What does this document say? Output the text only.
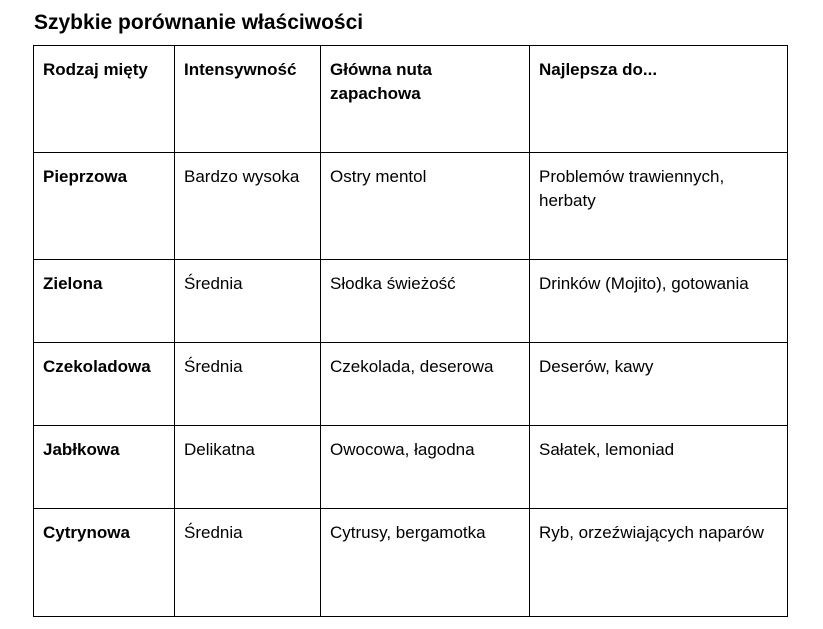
Szybkie porównanie właściwości
Rodzaj mięty	Intensywność	Główna nuta zapachowa	Najlepsza do...
Pieprzowa	Bardzo wysoka	Ostry mentol	Problemów trawiennych, herbaty
Zielona	Średnia	Słodka świeżość	Drinków (Mojito), gotowania
Czekoladowa	Średnia	Czekolada, deserowa	Deserów, kawy
Jabłkowa	Delikatna	Owocowa, łagodna	Sałatek, lemoniad
Cytrynowa	Średnia	Cytrusy, bergamotka	Ryb, orzeźwiających naparów
